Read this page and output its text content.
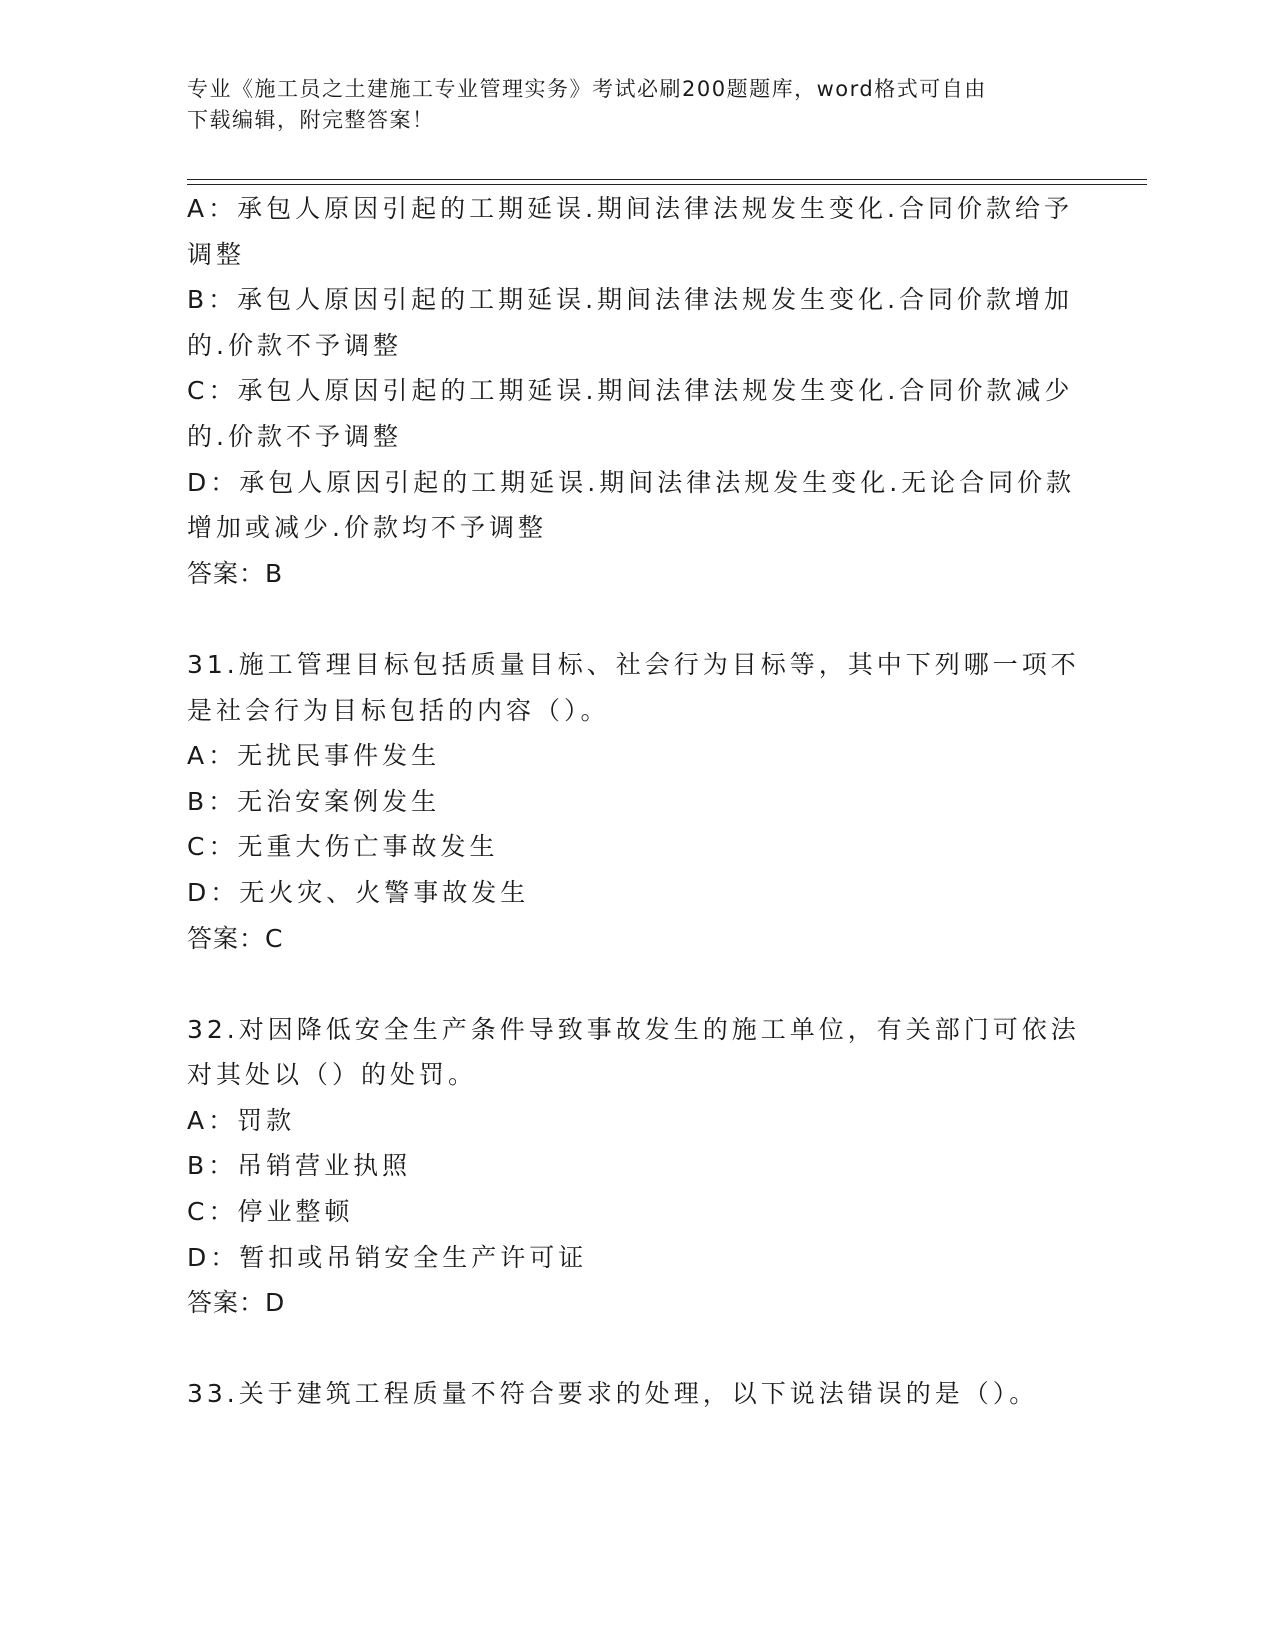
专业《施工员之土建施工专业管理实务》考试必刷200题题库，word格式可自由
下载编辑，附完整答案！
A：承包人原因引起的工期延误.期间法律法规发生变化.合同价款给予
调整
B：承包人原因引起的工期延误.期间法律法规发生变化.合同价款增加
的.价款不予调整
C：承包人原因引起的工期延误.期间法律法规发生变化.合同价款减少
的.价款不予调整
D：承包人原因引起的工期延误.期间法律法规发生变化.无论合同价款
增加或减少.价款均不予调整
答案：B
31.施工管理目标包括质量目标、社会行为目标等，其中下列哪一项不
是社会行为目标包括的内容（）。
A：无扰民事件发生
B：无治安案例发生
C：无重大伤亡事故发生
D：无火灾、火警事故发生
答案：C
32.对因降低安全生产条件导致事故发生的施工单位，有关部门可依法
对其处以（）的处罚。
A：罚款
B：吊销营业执照
C：停业整顿
D：暂扣或吊销安全生产许可证
答案：D
33.关于建筑工程质量不符合要求的处理，以下说法错误的是（）。
